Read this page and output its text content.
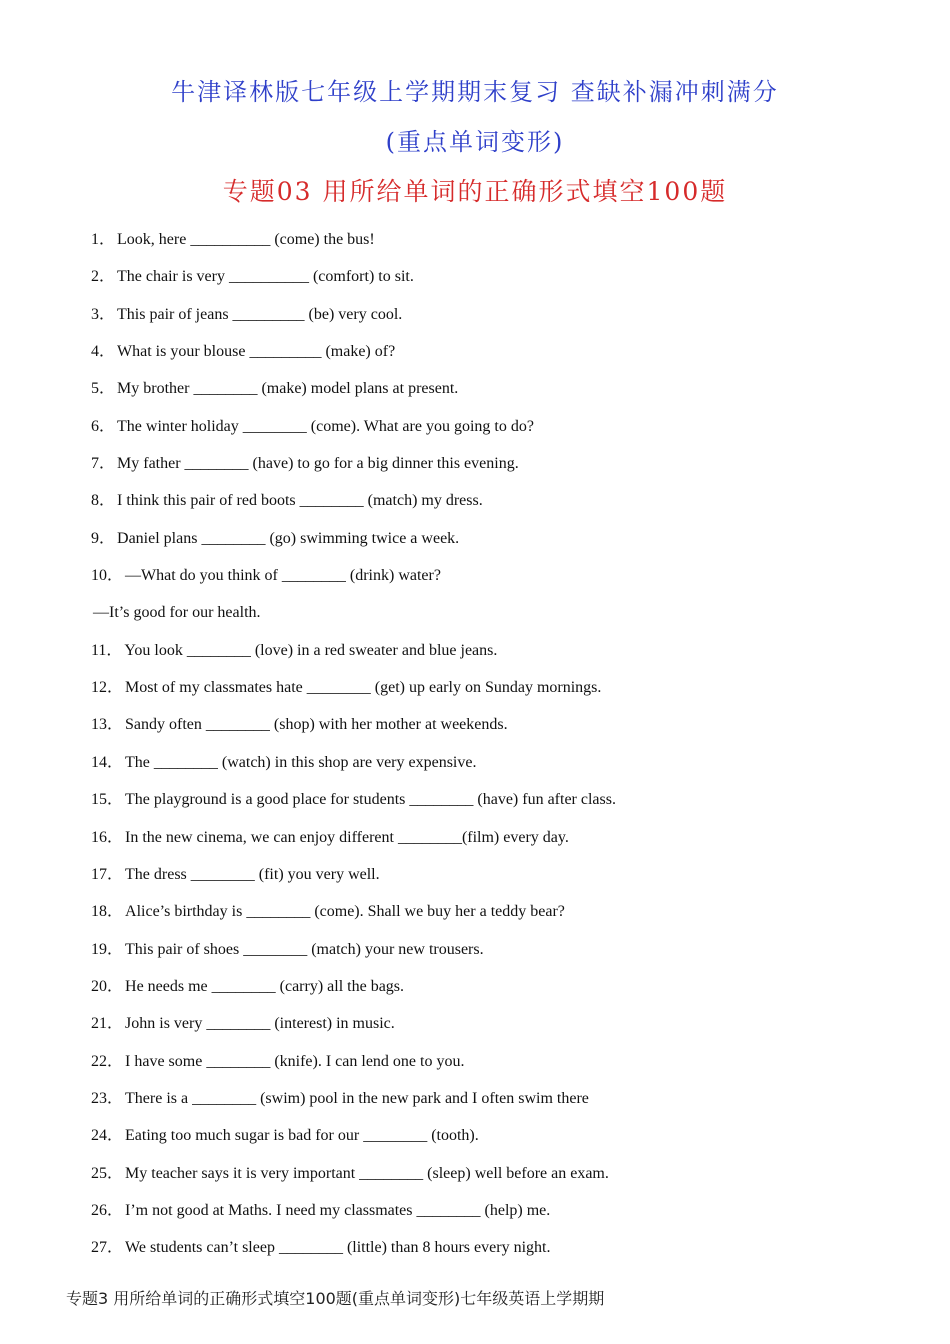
牛津译林版七年级上学期期末复习 查缺补漏冲刺满分
(重点单词变形)
专题03 用所给单词的正确形式填空100题
1． Look, here __________ (come) the bus!
2． The chair is very __________ (comfort) to sit.
3． This pair of jeans _________ (be) very cool.
4． What is your blouse _________ (make) of?
5． My brother ________ (make) model plans at present.
6． The winter holiday ________ (come). What are you going to do?
7． My father ________ (have) to go for a big dinner this evening.
8． I think this pair of red boots ________ (match) my dress.
9． Daniel plans ________ (go) swimming twice a week.
10． —What do you think of ________ (drink) water?
—It’s good for our health.
11． You look ________ (love) in a red sweater and blue jeans.
12． Most of my classmates hate ________ (get) up early on Sunday mornings.
13． Sandy often ________ (shop) with her mother at weekends.
14． The ________ (watch) in this shop are very expensive.
15． The playground is a good place for students ________ (have) fun after class.
16． In the new cinema, we can enjoy different ________(film) every day.
17． The dress ________ (fit) you very well.
18． Alice’s birthday is ________ (come). Shall we buy her a teddy bear?
19． This pair of shoes ________ (match) your new trousers.
20． He needs me ________ (carry) all the bags.
21． John is very ________ (interest) in music.
22． I have some ________ (knife). I can lend one to you.
23． There is a ________ (swim) pool in the new park and I often swim there
24． Eating too much sugar is bad for our ________ (tooth).
25． My teacher says it is very important ________ (sleep) well before an exam.
26． I’m not good at Maths. I need my classmates ________ (help) me.
27． We students can’t sleep ________ (little) than 8 hours every night.
专题3 用所给单词的正确形式填空100题(重点单词变形)七年级英语上学期期
